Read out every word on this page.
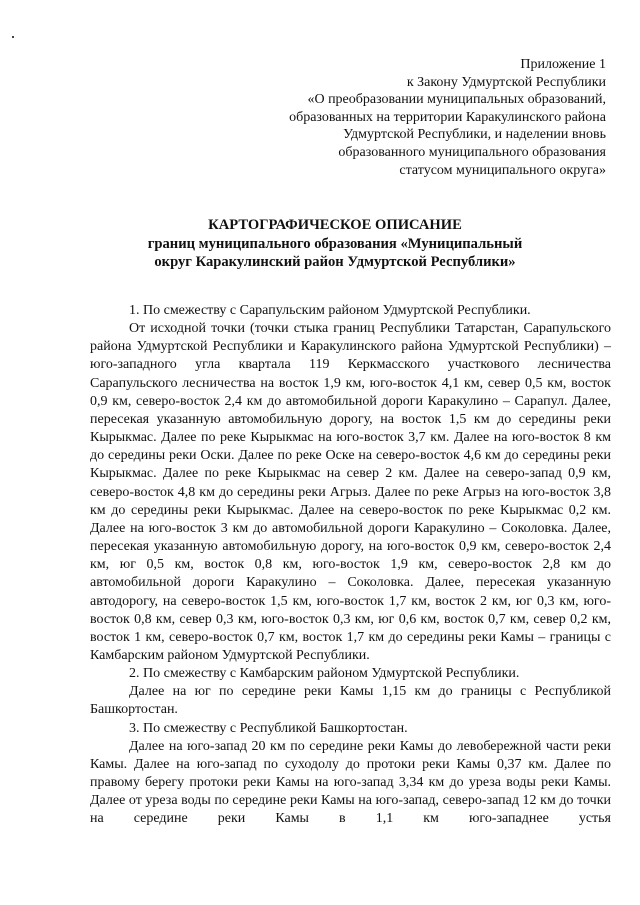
Приложение 1
к Закону Удмуртской Республики
«О преобразовании муниципальных образований,
образованных на территории Каракулинского района
Удмуртской Республики, и наделении вновь
образованного муниципального образования
статусом муниципального округа»
КАРТОГРАФИЧЕСКОЕ ОПИСАНИЕ
границ муниципального образования «Муниципальный
округ Каракулинский район Удмуртской Республики»

1. По смежеству с Сарапульским районом Удмуртской Республики.

От исходной точки (точки стыка границ Республики Татарстан, Сарапульского района Удмуртской Республики и Каракулинского района Удмуртской Республики) – юго-западного угла квартала 119 Керкмасского участкового лесничества Сарапульского лесничества на восток 1,9 км, юго-восток 4,1 км, север 0,5 км, восток 0,9 км, северо-восток 2,4 км до автомобильной дороги Каракулино – Сарапул. Далее, пересекая указанную автомобильную дорогу, на восток 1,5 км до середины реки Кырыкмас. Далее по реке Кырыкмас на юго-восток 3,7 км. Далее на юго-восток 8 км до середины реки Оски. Далее по реке Оске на северо-восток 4,6 км до середины реки Кырыкмас. Далее по реке Кырыкмас на север 2 км. Далее на северо-запад 0,9 км, северо-восток 4,8 км до середины реки Агрыз. Далее по реке Агрыз на юго-восток 3,8 км до середины реки Кырыкмас. Далее на северо-восток по реке Кырыкмас 0,2 км. Далее на юго-восток 3 км до автомобильной дороги Каракулино – Соколовка. Далее, пересекая указанную автомобильную дорогу, на юго-восток 0,9 км, северо-восток 2,4 км, юг 0,5 км, восток 0,8 км, юго-восток 1,9 км, северо-восток 2,8 км до автомобильной дороги Каракулино – Соколовка. Далее, пересекая указанную автодорогу, на северо-восток 1,5 км, юго-восток 1,7 км, восток 2 км, юг 0,3 км, юго-восток 0,8 км, север 0,3 км, юго-восток 0,3 км, юг 0,6 км, восток 0,7 км, север 0,2 км, восток 1 км, северо-восток 0,7 км, восток 1,7 км до середины реки Камы – границы с Камбарским районом Удмуртской Республики.

2. По смежеству с Камбарским районом Удмуртской Республики.

Далее на юг по середине реки Камы 1,15 км до границы с Республикой Башкортостан.

3. По смежеству с Республикой Башкортостан.

Далее на юго-запад 20 км по середине реки Камы до левобережной части реки Камы. Далее на юго-запад по суходолу до протоки реки Камы 0,37 км. Далее по правому берегу протоки реки Камы на юго-запад 3,34 км до уреза воды реки Камы. Далее от уреза воды по середине реки Камы на юго-запад, северо-запад 12 км до точки на середине реки Камы в 1,1 км юго-западнее устья
